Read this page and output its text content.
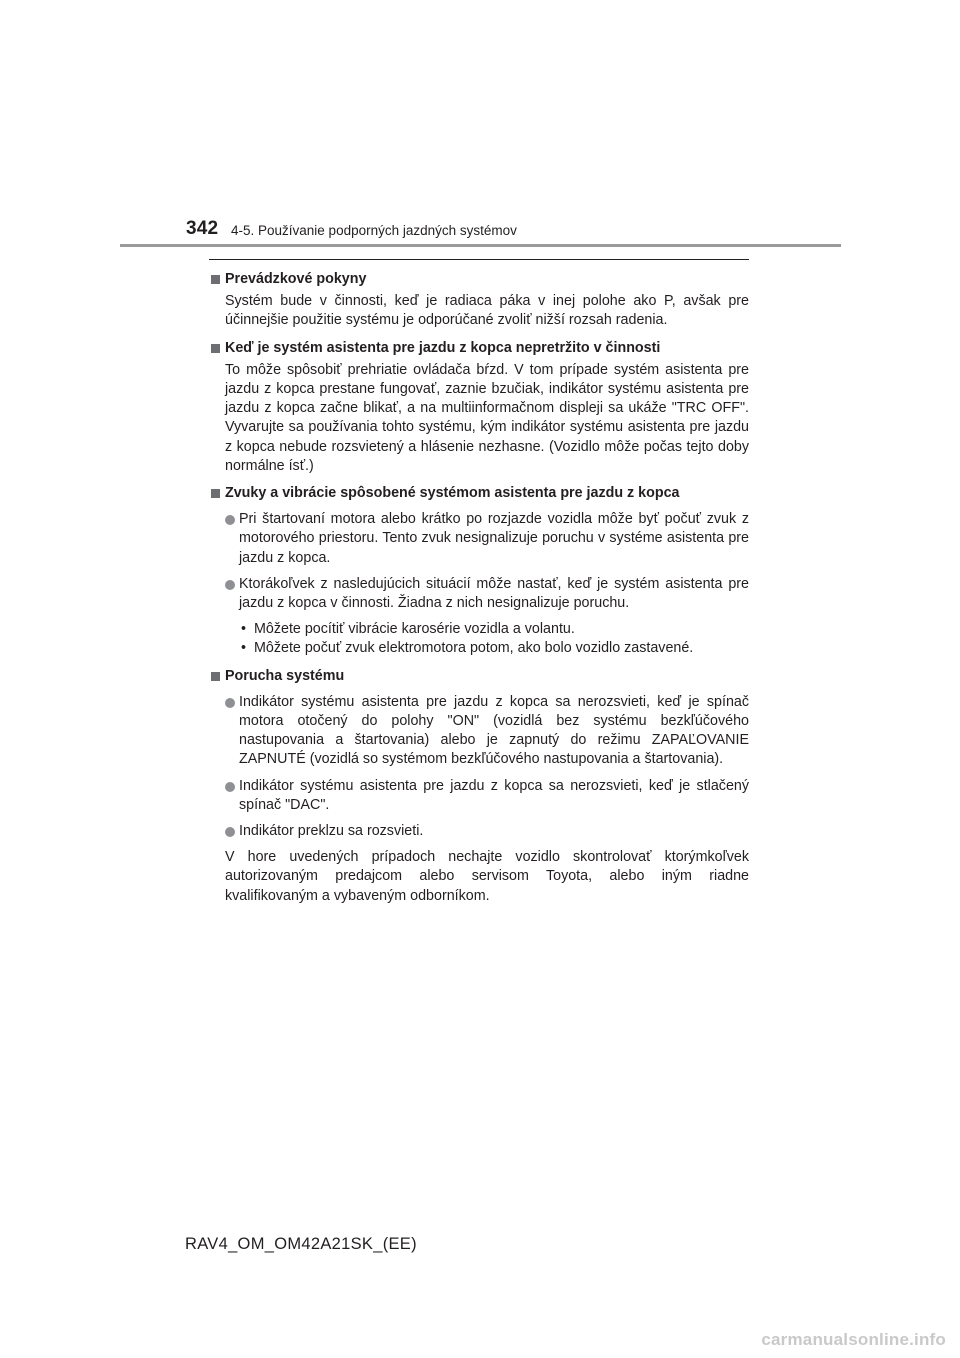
342 4-5. Používanie podporných jazdných systémov
Prevádzkové pokyny
Systém bude v činnosti, keď je radiaca páka v inej polohe ako P, avšak pre účinnejšie použitie systému je odporúčané zvoliť nižší rozsah radenia.
Keď je systém asistenta pre jazdu z kopca nepretržito v činnosti
To môže spôsobiť prehriatie ovládača bŕzd. V tom prípade systém asistenta pre jazdu z kopca prestane fungovať, zaznie bzučiak, indikátor systému asistenta pre jazdu z kopca začne blikať, a na multiinformačnom displeji sa ukáže "TRC OFF". Vyvarujte sa používania tohto systému, kým indikátor systému asistenta pre jazdu z kopca nebude rozsvietený a hlásenie nezhasne. (Vozidlo môže počas tejto doby normálne ísť.)
Zvuky a vibrácie spôsobené systémom asistenta pre jazdu z kopca
Pri štartovaní motora alebo krátko po rozjazde vozidla môže byť počuť zvuk z motorového priestoru. Tento zvuk nesignalizuje poruchu v systéme asistenta pre jazdu z kopca.
Ktorákoľvek z nasledujúcich situácií môže nastať, keď je systém asistenta pre jazdu z kopca v činnosti. Žiadna z nich nesignalizuje poruchu.
• Môžete pocítiť vibrácie karosérie vozidla a volantu.
• Môžete počuť zvuk elektromotora potom, ako bolo vozidlo zastavené.
Porucha systému
Indikátor systému asistenta pre jazdu z kopca sa nerozsvieti, keď je spínač motora otočený do polohy "ON" (vozidlá bez systému bezkľúčového nastupovania a štartovania) alebo je zapnutý do režimu ZAPAĽOVANIE ZAPNUTÉ (vozidlá so systémom bezkľúčového nastupovania a štartovania).
Indikátor systému asistenta pre jazdu z kopca sa nerozsvieti, keď je stlačený spínač "DAC".
Indikátor preklzu sa rozsvieti.
V hore uvedených prípadoch nechajte vozidlo skontrolovať ktorýmkoľvek autorizovaným predajcom alebo servisom Toyota, alebo iným riadne kvalifikovaným a vybaveným odborníkom.
RAV4_OM_OM42A21SK_(EE)
carmanualsonline.info
